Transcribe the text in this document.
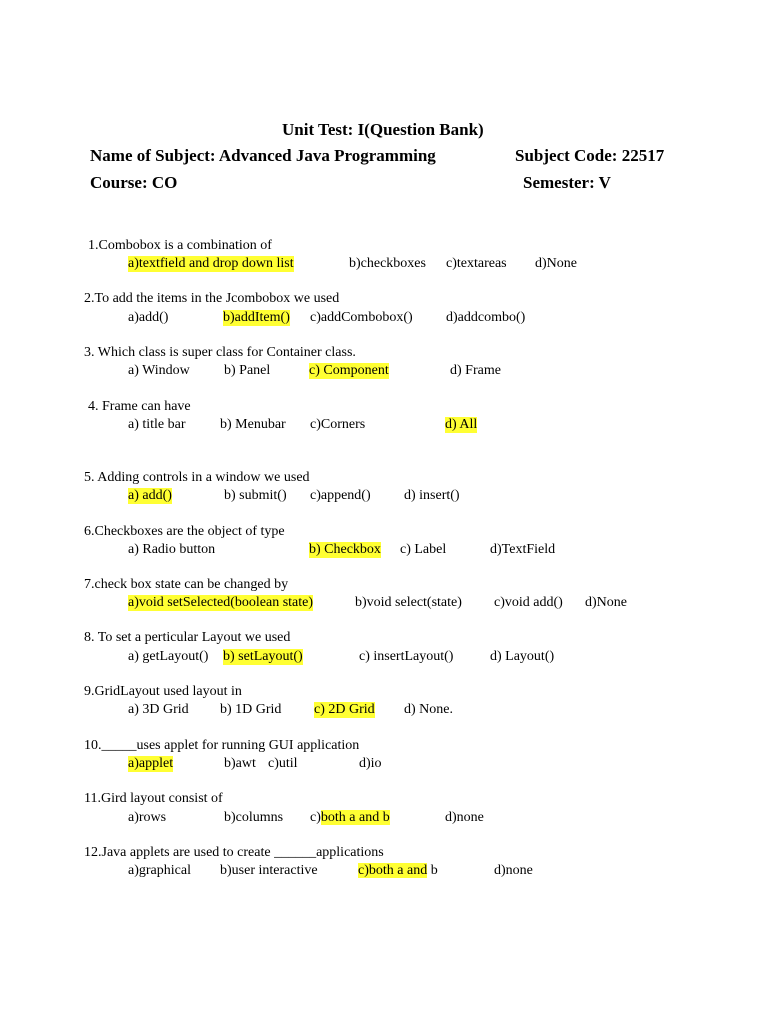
Unit Test: I(Question Bank)
Name of Subject: Advanced Java Programming	Subject Code: 22517
Course: CO	Semester: V
1.Combobox is a combination of
a)textfield and drop down list	b)checkboxes c)textareas d)None
2.To add the items in the Jcombobox we used
a)add()	b)addItem() c)addCombobox() d)addcombo()
3. Which class is super class for Container class.
a) Window b) Panel	c) Component	d) Frame
4. Frame can have
a) title bar b) Menubar c)Corners	d) All
5. Adding controls in a window we used
a) add()	b) submit() c)append() d) insert()
6.Checkboxes are the object of type
a) Radio button	b) Checkbox c) Label	d)TextField
7.check box state can be changed by
a)void setSelected(boolean state)	b)void select(state) c)void add() d)None
8. To set a perticular Layout we used
a) getLayout() b) setLayout()	c) insertLayout()	d) Layout()
9.GridLayout used layout in
a) 3D Grid b) 1D Grid c) 2D Grid d) None.
10._____uses applet for running GUI application
a)applet	b)awt c)util	d)io
11.Gird layout consist of
a)rows	b)columns c)both a and b	d)none
12.Java applets are used to create ______applications
a)graphical b)user interactive	c)both a and b	d)none
